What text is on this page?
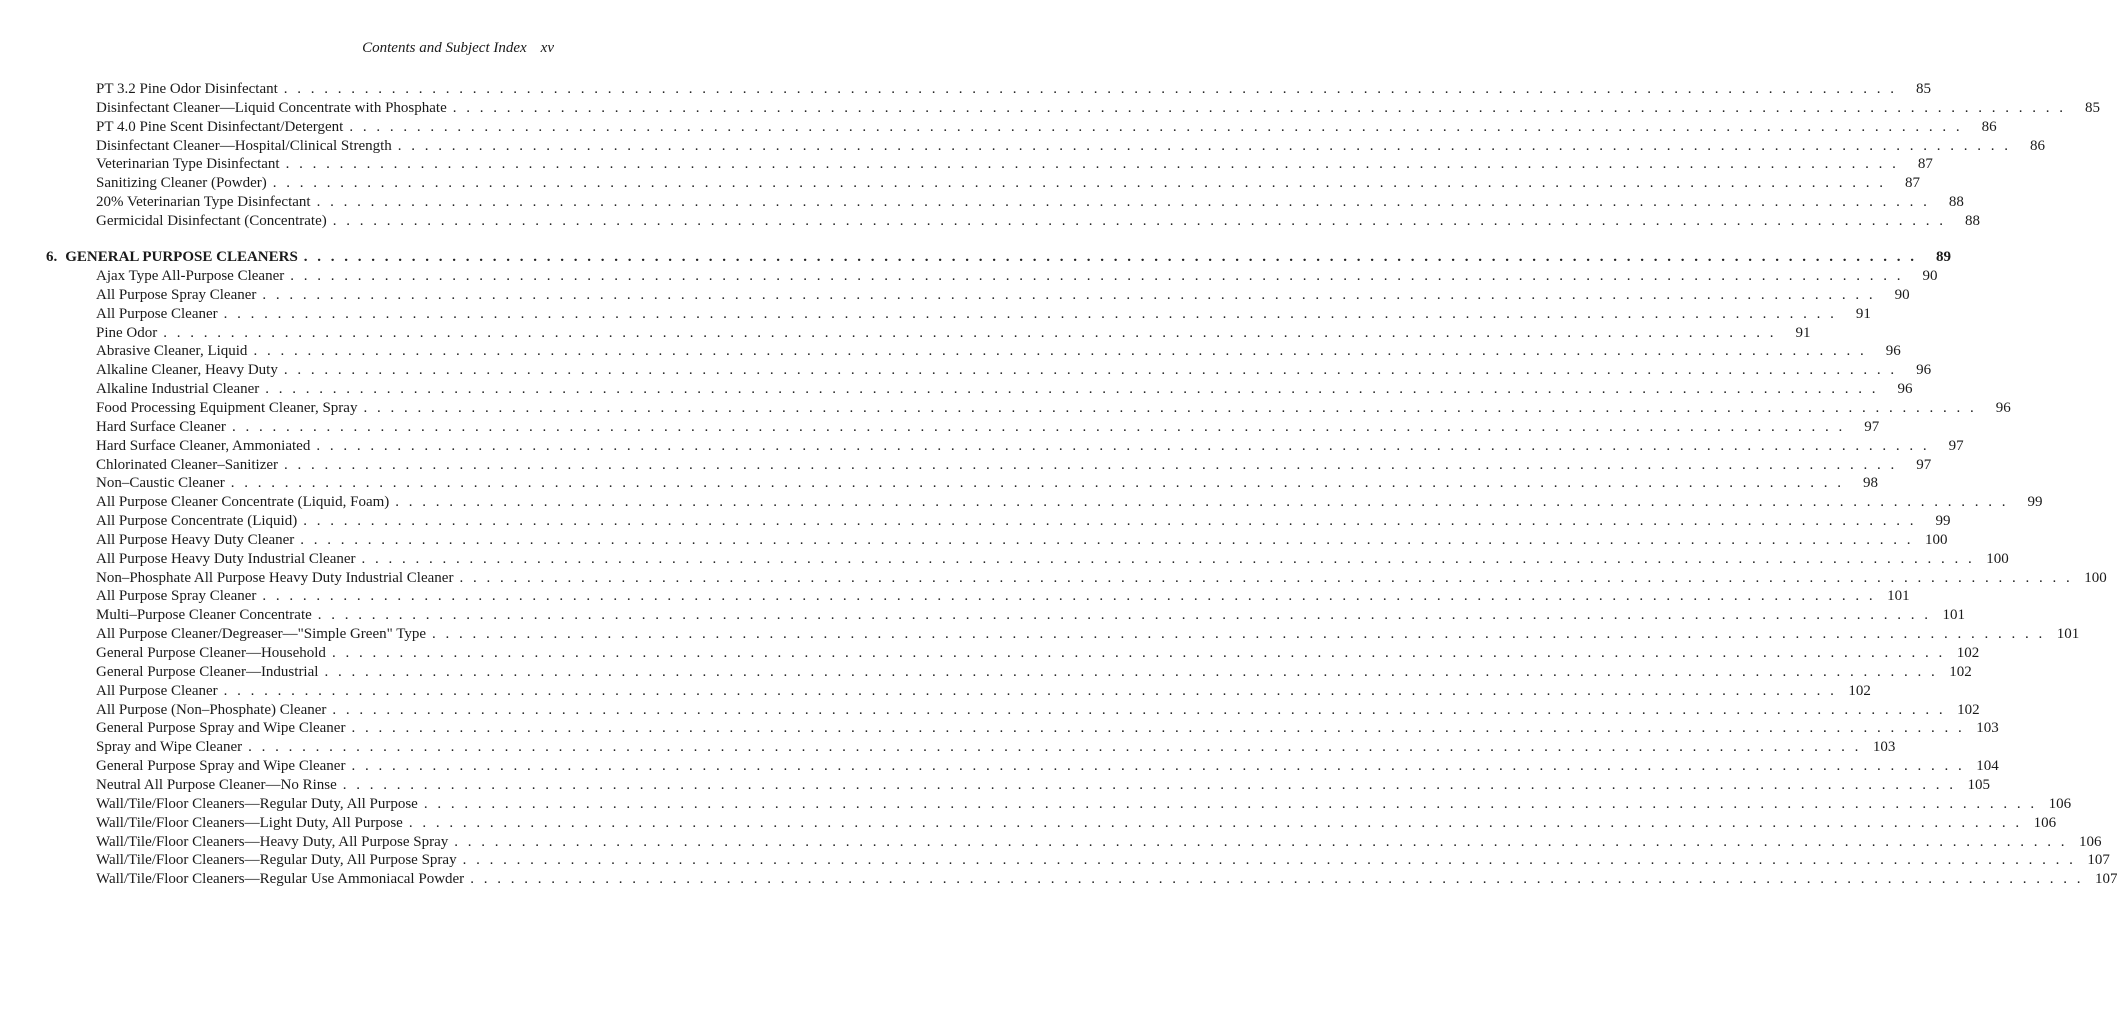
Contents and Subject Index xv
PT 3.2 Pine Odor Disinfectant . . . . . . . . . . . . . . . . . . . . . . . . . . . . . . . . . . . . . . . . . . . . . . . . . . . . . . . . . . . . . . . . . . . . . . . . . . . . . . . . . . . . . . . . . . . . . . . . . . . . . . . . . . . . . . . . . . . . . . . .	85
Disinfectant Cleaner—Liquid Concentrate with Phosphate . . . . . . . . . . . . . . . . . . . . . . . . . . . . . . . . . . . . . . . . . . . . . . . . . . . . . . . . . . . . . . . . . . . . . . . . . . . . . . . . . . . . . . . . . . . . . . . . . . . . . . . . . . . . . . . . . . . . . . . .	85
PT 4.0 Pine Scent Disinfectant/Detergent . . . . . . . . . . . . . . . . . . . . . . . . . . . . . . . . . . . . . . . . . . . . . . . . . . . . . . . . . . . . . . . . . . . . . . . . . . . . . . . . . . . . . . . . . . . . . . . . . . . . . . . . . . . . . . . . . . . . . . . .	86
Disinfectant Cleaner—Hospital/Clinical Strength . . . . . . . . . . . . . . . . . . . . . . . . . . . . . . . . . . . . . . . . . . . . . . . . . . . . . . . . . . . . . . . . . . . . . . . . . . . . . . . . . . . . . . . . . . . . . . . . . . . . . . . . . . . . . . . . . . . . . . . .	86
Veterinarian Type Disinfectant . . . . . . . . . . . . . . . . . . . . . . . . . . . . . . . . . . . . . . . . . . . . . . . . . . . . . . . . . . . . . . . . . . . . . . . . . . . . . . . . . . . . . . . . . . . . . . . . . . . . . . . . . . . . . . . . . . . . . . . .	87
Sanitizing Cleaner (Powder) . . . . . . . . . . . . . . . . . . . . . . . . . . . . . . . . . . . . . . . . . . . . . . . . . . . . . . . . . . . . . . . . . . . . . . . . . . . . . . . . . . . . . . . . . . . . . . . . . . . . . . . . . . . . . . . . . . . . . . . .	87
20% Veterinarian Type Disinfectant . . . . . . . . . . . . . . . . . . . . . . . . . . . . . . . . . . . . . . . . . . . . . . . . . . . . . . . . . . . . . . . . . . . . . . . . . . . . . . . . . . . . . . . . . . . . . . . . . . . . . . . . . . . . . . . . . . . . . . . .	88
Germicidal Disinfectant (Concentrate) . . . . . . . . . . . . . . . . . . . . . . . . . . . . . . . . . . . . . . . . . . . . . . . . . . . . . . . . . . . . . . . . . . . . . . . . . . . . . . . . . . . . . . . . . . . . . . . . . . . . . . . . . . . . . . . . . . . . . . . .	88
6. GENERAL PURPOSE CLEANERS . . . . . . . . . . . . . . . . . . . . . . . . . . . . . . . . . . . . . . . . . . . . . . . . . . . . . . . . . . . . . . . . . . . . . . . . . . . . . . . . . . . . . . . . . . . . . . . . . . . . . . . . . . . . . . . . . . . . . . . .	89
Ajax Type All-Purpose Cleaner . . . . . . . . . . . . . . . . . . . . . . . . . . . . . . . . . . . . . . . . . . . . . . . . . . . . . . . . . . . . . . . . . . . . . . . . . . . . . . . . . . . . . . . . . . . . . . . . . . . . . . . . . . . . . . . . . . . . . . . .	90
All Purpose Spray Cleaner . . . . . . . . . . . . . . . . . . . . . . . . . . . . . . . . . . . . . . . . . . . . . . . . . . . . . . . . . . . . . . . . . . . . . . . . . . . . . . . . . . . . . . . . . . . . . . . . . . . . . . . . . . . . . . . . . . . . . . . .	90
All Purpose Cleaner . . . . . . . . . . . . . . . . . . . . . . . . . . . . . . . . . . . . . . . . . . . . . . . . . . . . . . . . . . . . . . . . . . . . . . . . . . . . . . . . . . . . . . . . . . . . . . . . . . . . . . . . . . . . . . . . . . . . . . . .	91
Pine Odor . . . . . . . . . . . . . . . . . . . . . . . . . . . . . . . . . . . . . . . . . . . . . . . . . . . . . . . . . . . . . . . . . . . . . . . . . . . . . . . . . . . . . . . . . . . . . . . . . . . . . . . . . . . . . . . . . . . . . . . .	91
Abrasive Cleaner, Liquid . . . . . . . . . . . . . . . . . . . . . . . . . . . . . . . . . . . . . . . . . . . . . . . . . . . . . . . . . . . . . . . . . . . . . . . . . . . . . . . . . . . . . . . . . . . . . . . . . . . . . . . . . . . . . . . . . . . . . . . .	96
Alkaline Cleaner, Heavy Duty . . . . . . . . . . . . . . . . . . . . . . . . . . . . . . . . . . . . . . . . . . . . . . . . . . . . . . . . . . . . . . . . . . . . . . . . . . . . . . . . . . . . . . . . . . . . . . . . . . . . . . . . . . . . . . . . . . . . . . . .	96
Alkaline Industrial Cleaner . . . . . . . . . . . . . . . . . . . . . . . . . . . . . . . . . . . . . . . . . . . . . . . . . . . . . . . . . . . . . . . . . . . . . . . . . . . . . . . . . . . . . . . . . . . . . . . . . . . . . . . . . . . . . . . . . . . . . . . .	96
Food Processing Equipment Cleaner, Spray . . . . . . . . . . . . . . . . . . . . . . . . . . . . . . . . . . . . . . . . . . . . . . . . . . . . . . . . . . . . . . . . . . . . . . . . . . . . . . . . . . . . . . . . . . . . . . . . . . . . . . . . . . . . . . . . . . . . . . . .	96
Hard Surface Cleaner . . . . . . . . . . . . . . . . . . . . . . . . . . . . . . . . . . . . . . . . . . . . . . . . . . . . . . . . . . . . . . . . . . . . . . . . . . . . . . . . . . . . . . . . . . . . . . . . . . . . . . . . . . . . . . . . . . . . . . . .	97
Hard Surface Cleaner, Ammoniated . . . . . . . . . . . . . . . . . . . . . . . . . . . . . . . . . . . . . . . . . . . . . . . . . . . . . . . . . . . . . . . . . . . . . . . . . . . . . . . . . . . . . . . . . . . . . . . . . . . . . . . . . . . . . . . . . . . . . . . .	97
Chlorinated Cleaner–Sanitizer . . . . . . . . . . . . . . . . . . . . . . . . . . . . . . . . . . . . . . . . . . . . . . . . . . . . . . . . . . . . . . . . . . . . . . . . . . . . . . . . . . . . . . . . . . . . . . . . . . . . . . . . . . . . . . . . . . . . . . . .	97
Non–Caustic Cleaner . . . . . . . . . . . . . . . . . . . . . . . . . . . . . . . . . . . . . . . . . . . . . . . . . . . . . . . . . . . . . . . . . . . . . . . . . . . . . . . . . . . . . . . . . . . . . . . . . . . . . . . . . . . . . . . . . . . . . . . .	98
All Purpose Cleaner Concentrate (Liquid, Foam) . . . . . . . . . . . . . . . . . . . . . . . . . . . . . . . . . . . . . . . . . . . . . . . . . . . . . . . . . . . . . . . . . . . . . . . . . . . . . . . . . . . . . . . . . . . . . . . . . . . . . . . . . . . . . . . . . . . . . . . .	99
All Purpose Concentrate (Liquid) . . . . . . . . . . . . . . . . . . . . . . . . . . . . . . . . . . . . . . . . . . . . . . . . . . . . . . . . . . . . . . . . . . . . . . . . . . . . . . . . . . . . . . . . . . . . . . . . . . . . . . . . . . . . . . . . . . . . . . . .	99
All Purpose Heavy Duty Cleaner . . . . . . . . . . . . . . . . . . . . . . . . . . . . . . . . . . . . . . . . . . . . . . . . . . . . . . . . . . . . . . . . . . . . . . . . . . . . . . . . . . . . . . . . . . . . . . . . . . . . . . . . . . . . . . . . . . . . . . . . 100
All Purpose Heavy Duty Industrial Cleaner . . . . . . . . . . . . . . . . . . . . . . . . . . . . . . . . . . . . . . . . . . . . . . . . . . . . . . . . . . . . . . . . . . . . . . . . . . . . . . . . . . . . . . . . . . . . . . . . . . . . . . . . . . . . . . . . . . . . . . . . 100
Non–Phosphate All Purpose Heavy Duty Industrial Cleaner . . . . . . . . . . . . . . . . . . . . . . . . . . . . . . . . . . . . . . . . . . . . . . . . . . . . . . . . . . . . . . . . . . . . . . . . . . . . . . . . . . . . . . . . . . . . . . . . . . . . . . . . . . . . . . . . . . . . . . . . 100
All Purpose Spray Cleaner . . . . . . . . . . . . . . . . . . . . . . . . . . . . . . . . . . . . . . . . . . . . . . . . . . . . . . . . . . . . . . . . . . . . . . . . . . . . . . . . . . . . . . . . . . . . . . . . . . . . . . . . . . . . . . . . . . . . . . . . 101
Multi–Purpose Cleaner Concentrate . . . . . . . . . . . . . . . . . . . . . . . . . . . . . . . . . . . . . . . . . . . . . . . . . . . . . . . . . . . . . . . . . . . . . . . . . . . . . . . . . . . . . . . . . . . . . . . . . . . . . . . . . . . . . . . . . . . . . . . . 101
All Purpose Cleaner/Degreaser—"Simple Green" Type . . . . . . . . . . . . . . . . . . . . . . . . . . . . . . . . . . . . . . . . . . . . . . . . . . . . . . . . . . . . . . . . . . . . . . . . . . . . . . . . . . . . . . . . . . . . . . . . . . . . . . . . . . . . . . . . . . . . . . . . 101
General Purpose Cleaner—Household . . . . . . . . . . . . . . . . . . . . . . . . . . . . . . . . . . . . . . . . . . . . . . . . . . . . . . . . . . . . . . . . . . . . . . . . . . . . . . . . . . . . . . . . . . . . . . . . . . . . . . . . . . . . . . . . . . . . . . . . 102
General Purpose Cleaner—Industrial . . . . . . . . . . . . . . . . . . . . . . . . . . . . . . . . . . . . . . . . . . . . . . . . . . . . . . . . . . . . . . . . . . . . . . . . . . . . . . . . . . . . . . . . . . . . . . . . . . . . . . . . . . . . . . . . . . . . . . . . 102
All Purpose Cleaner . . . . . . . . . . . . . . . . . . . . . . . . . . . . . . . . . . . . . . . . . . . . . . . . . . . . . . . . . . . . . . . . . . . . . . . . . . . . . . . . . . . . . . . . . . . . . . . . . . . . . . . . . . . . . . . . . . . . . . . . 102
All Purpose (Non–Phosphate) Cleaner . . . . . . . . . . . . . . . . . . . . . . . . . . . . . . . . . . . . . . . . . . . . . . . . . . . . . . . . . . . . . . . . . . . . . . . . . . . . . . . . . . . . . . . . . . . . . . . . . . . . . . . . . . . . . . . . . . . . . . . . 102
General Purpose Spray and Wipe Cleaner . . . . . . . . . . . . . . . . . . . . . . . . . . . . . . . . . . . . . . . . . . . . . . . . . . . . . . . . . . . . . . . . . . . . . . . . . . . . . . . . . . . . . . . . . . . . . . . . . . . . . . . . . . . . . . . . . . . . . . . . 103
Spray and Wipe Cleaner . . . . . . . . . . . . . . . . . . . . . . . . . . . . . . . . . . . . . . . . . . . . . . . . . . . . . . . . . . . . . . . . . . . . . . . . . . . . . . . . . . . . . . . . . . . . . . . . . . . . . . . . . . . . . . . . . . . . . . . . 103
General Purpose Spray and Wipe Cleaner . . . . . . . . . . . . . . . . . . . . . . . . . . . . . . . . . . . . . . . . . . . . . . . . . . . . . . . . . . . . . . . . . . . . . . . . . . . . . . . . . . . . . . . . . . . . . . . . . . . . . . . . . . . . . . . . . . . . . . . . 104
Neutral All Purpose Cleaner—No Rinse . . . . . . . . . . . . . . . . . . . . . . . . . . . . . . . . . . . . . . . . . . . . . . . . . . . . . . . . . . . . . . . . . . . . . . . . . . . . . . . . . . . . . . . . . . . . . . . . . . . . . . . . . . . . . . . . . . . . . . . . 105
Wall/Tile/Floor Cleaners—Regular Duty, All Purpose . . . . . . . . . . . . . . . . . . . . . . . . . . . . . . . . . . . . . . . . . . . . . . . . . . . . . . . . . . . . . . . . . . . . . . . . . . . . . . . . . . . . . . . . . . . . . . . . . . . . . . . . . . . . . . . . . . . . . . . . 106
Wall/Tile/Floor Cleaners—Light Duty, All Purpose . . . . . . . . . . . . . . . . . . . . . . . . . . . . . . . . . . . . . . . . . . . . . . . . . . . . . . . . . . . . . . . . . . . . . . . . . . . . . . . . . . . . . . . . . . . . . . . . . . . . . . . . . . . . . . . . . . . . . . . . 106
Wall/Tile/Floor Cleaners—Heavy Duty, All Purpose Spray . . . . . . . . . . . . . . . . . . . . . . . . . . . . . . . . . . . . . . . . . . . . . . . . . . . . . . . . . . . . . . . . . . . . . . . . . . . . . . . . . . . . . . . . . . . . . . . . . . . . . . . . . . . . . . . . . . . . . . . . 106
Wall/Tile/Floor Cleaners—Regular Duty, All Purpose Spray . . . . . . . . . . . . . . . . . . . . . . . . . . . . . . . . . . . . . . . . . . . . . . . . . . . . . . . . . . . . . . . . . . . . . . . . . . . . . . . . . . . . . . . . . . . . . . . . . . . . . . . . . . . . . . . . . . . . . . . . 107
Wall/Tile/Floor Cleaners—Regular Use Ammoniacal Powder . . . . . . . . . . . . . . . . . . . . . . . . . . . . . . . . . . . . . . . . . . . . . . . . . . . . . . . . . . . . . . . . . . . . . . . . . . . . . . . . . . . . . . . . . . . . . . . . . . . . . . . . . . . . . . . . . . . . . . . . 107
